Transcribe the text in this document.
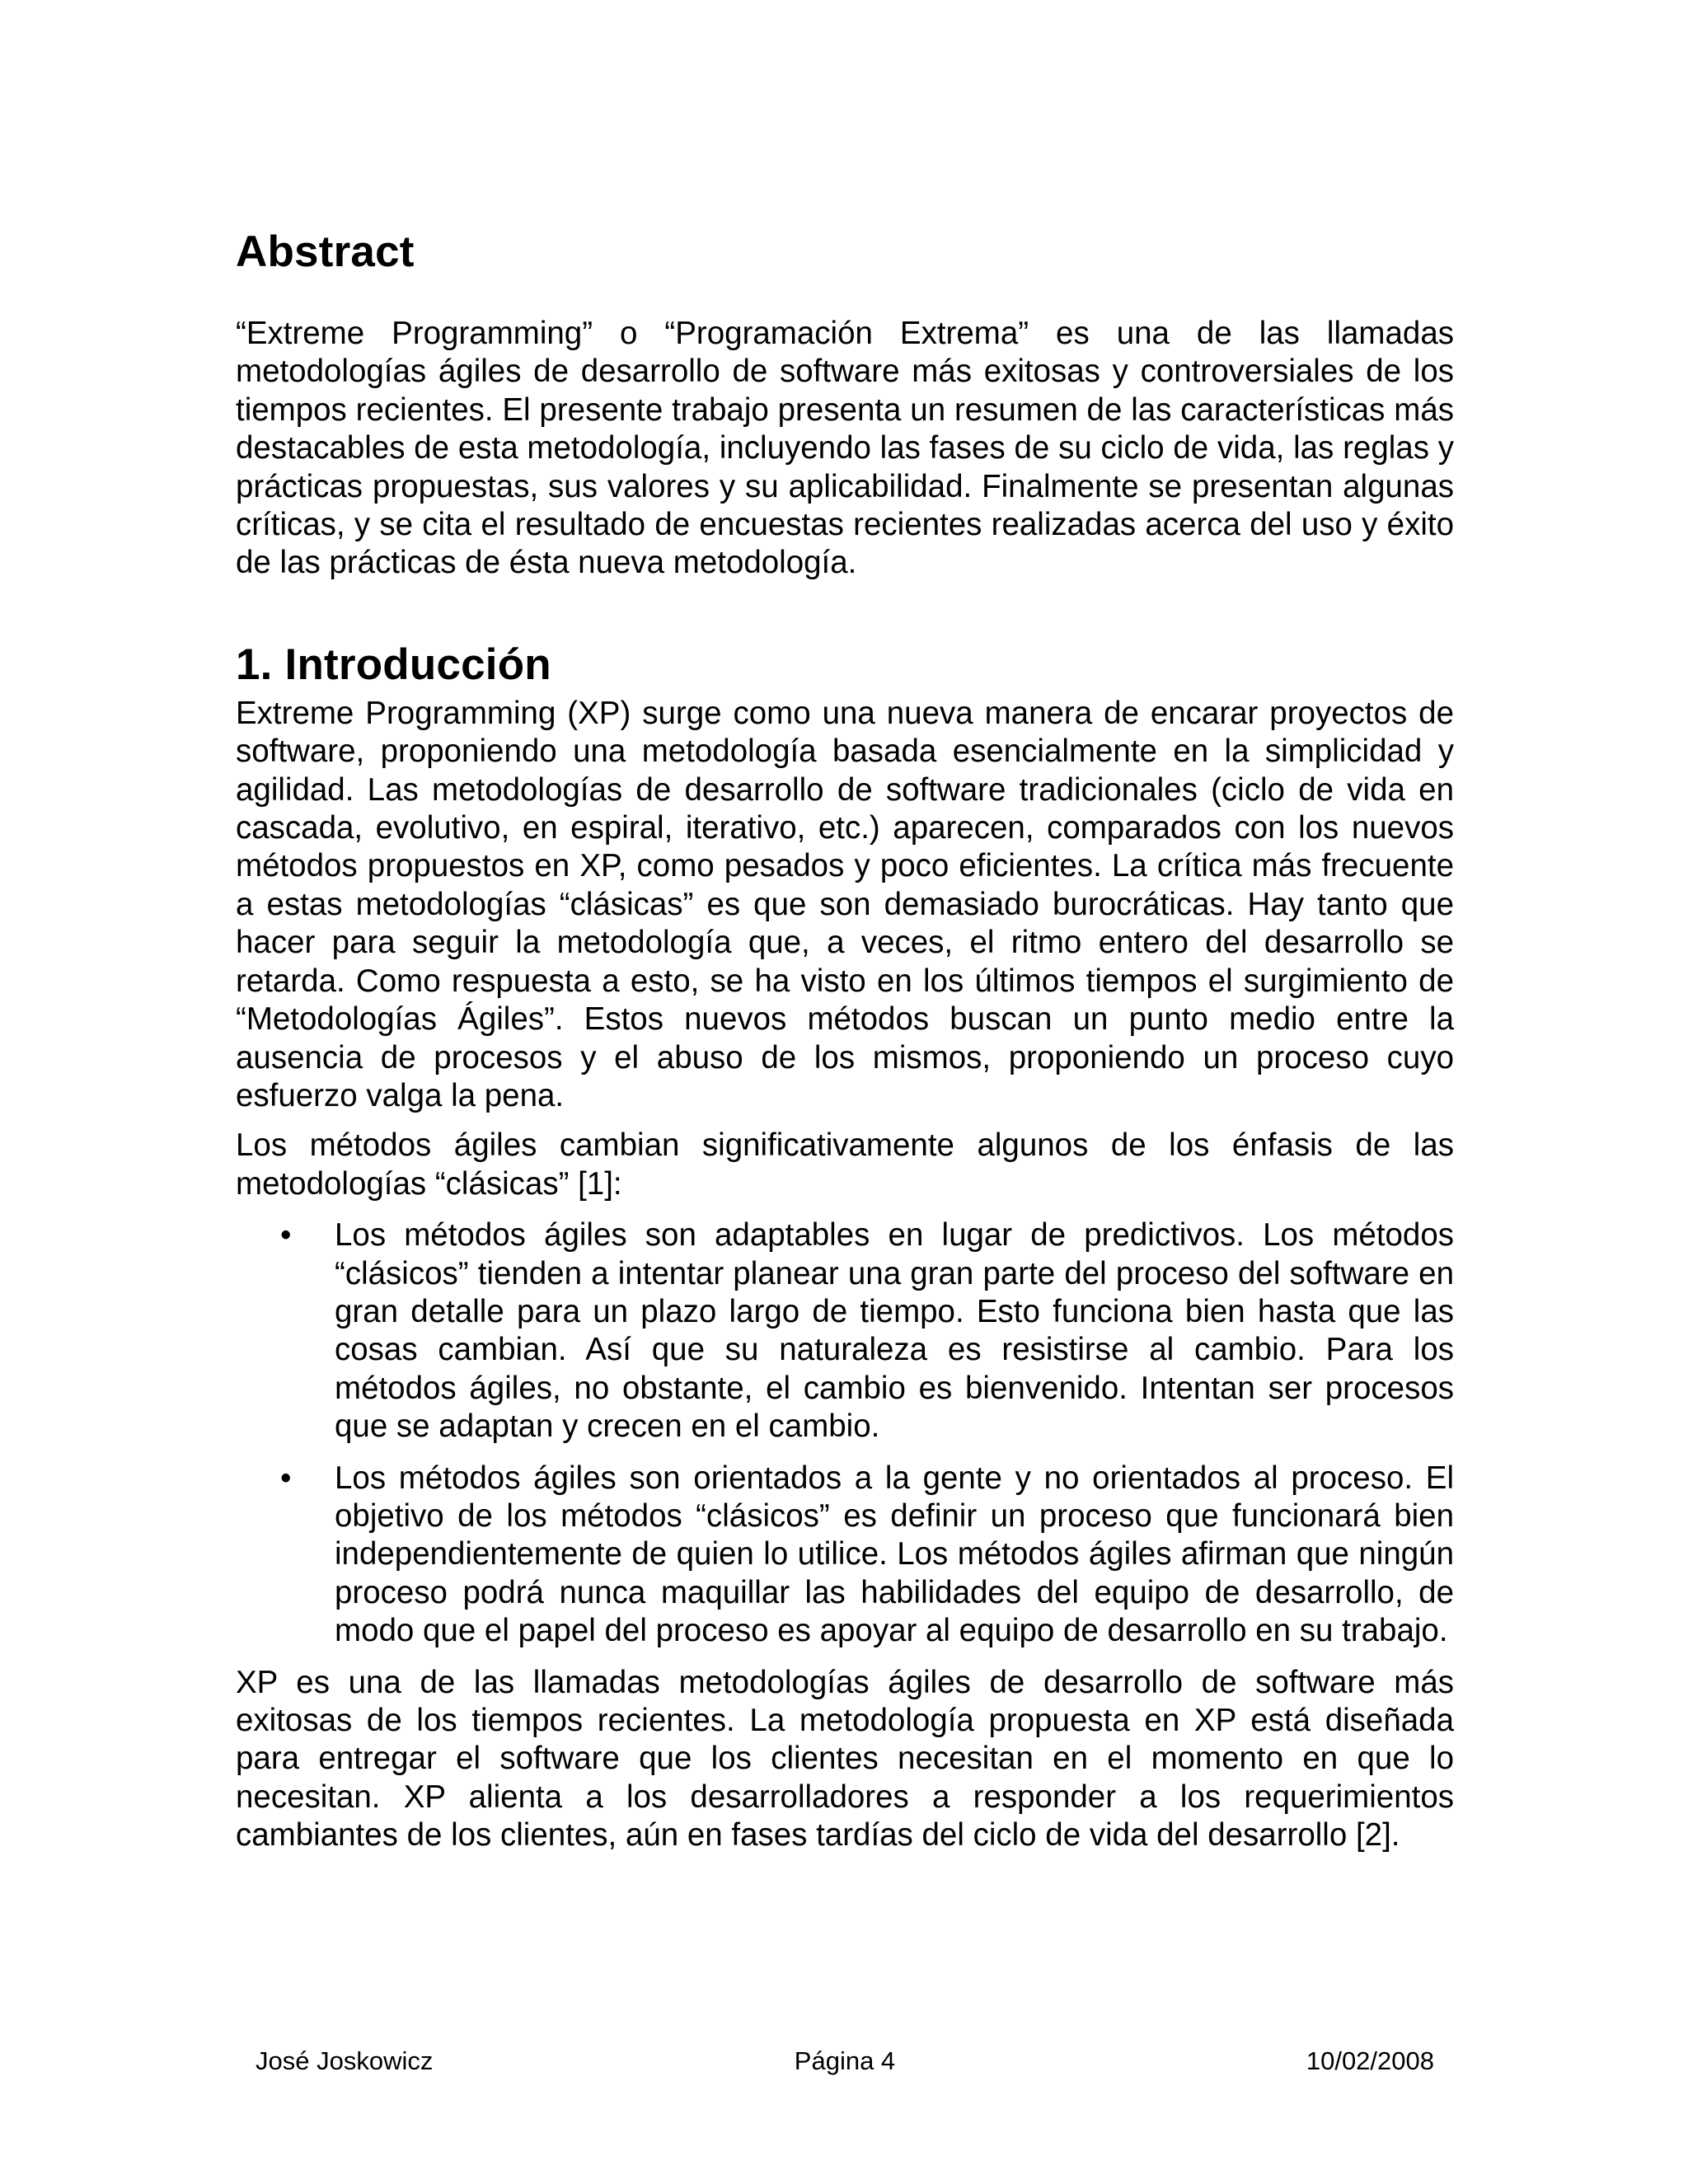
Abstract

“Extreme Programming” o “Programación Extrema” es una de las llamadas metodologías ágiles de desarrollo de software más exitosas y controversiales de los tiempos recientes. El presente trabajo presenta un resumen de las características más destacables de esta metodología, incluyendo las fases de su ciclo de vida, las reglas y prácticas propuestas, sus valores y su aplicabilidad. Finalmente se presentan algunas críticas, y se cita el resultado de encuestas recientes realizadas acerca del uso y éxito de las prácticas de ésta nueva metodología.

1. Introducción

Extreme Programming (XP) surge como una nueva manera de encarar proyectos de software, proponiendo una metodología basada esencialmente en la simplicidad y agilidad. Las metodologías de desarrollo de software tradicionales (ciclo de vida en cascada, evolutivo, en espiral, iterativo, etc.) aparecen, comparados con los nuevos métodos propuestos en XP, como pesados y poco eficientes. La crítica más frecuente a estas metodologías “clásicas” es que son demasiado burocráticas. Hay tanto que hacer para seguir la metodología que, a veces, el ritmo entero del desarrollo se retarda. Como respuesta a esto, se ha visto en los últimos tiempos el surgimiento de “Metodologías Ágiles”. Estos nuevos métodos buscan un punto medio entre la ausencia de procesos y el abuso de los mismos, proponiendo un proceso cuyo esfuerzo valga la pena.

Los métodos ágiles cambian significativamente algunos de los énfasis de las metodologías “clásicas” [1]:

• Los métodos ágiles son adaptables en lugar de predictivos. Los métodos “clásicos” tienden a intentar planear una gran parte del proceso del software en gran detalle para un plazo largo de tiempo. Esto funciona bien hasta que las cosas cambian. Así que su naturaleza es resistirse al cambio. Para los métodos ágiles, no obstante, el cambio es bienvenido. Intentan ser procesos que se adaptan y crecen en el cambio.
• Los métodos ágiles son orientados a la gente y no orientados al proceso. El objetivo de los métodos “clásicos” es definir un proceso que funcionará bien independientemente de quien lo utilice. Los métodos ágiles afirman que ningún proceso podrá nunca maquillar las habilidades del equipo de desarrollo, de modo que el papel del proceso es apoyar al equipo de desarrollo en su trabajo.

XP es una de las llamadas metodologías ágiles de desarrollo de software más exitosas de los tiempos recientes. La metodología propuesta en XP está diseñada para entregar el software que los clientes necesitan en el momento en que lo necesitan. XP alienta a los desarrolladores a responder a los requerimientos cambiantes de los clientes, aún en fases tardías del ciclo de vida del desarrollo [2].

José Joskowicz	Página 4	10/02/2008
